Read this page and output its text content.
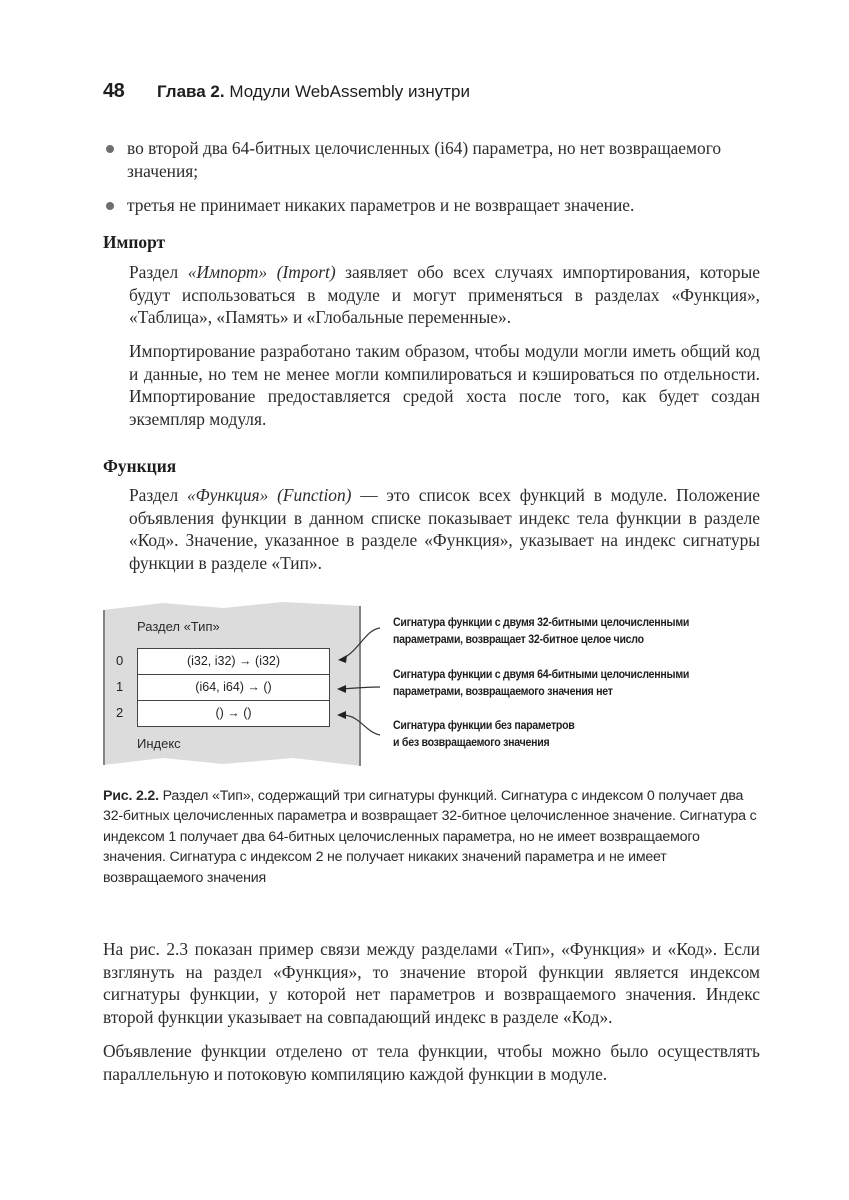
48 Глава 2. Модули WebAssembly изнутри
во второй два 64-битных целочисленных (i64) параметра, но нет возвращаемого значения;
третья не принимает никаких параметров и не возвращает значение.
Импорт

Раздел «Импорт» (Import) заявляет обо всех случаях импортирования, которые будут использоваться в модуле и могут применяться в разделах «Функция», «Таблица», «Память» и «Глобальные переменные».

Импортирование разработано таким образом, чтобы модули могли иметь общий код и данные, но тем не менее могли компилироваться и кэшироваться по отдельности. Импортирование предоставляется средой хоста после того, как будет создан экземпляр модуля.

Функция

Раздел «Функция» (Function) — это список всех функций в модуле. Положение объявления функции в данном списке показывает индекс тела функции в разделе «Код». Значение, указанное в разделе «Функция», указывает на индекс сигнатуры функции в разделе «Тип».

Раздел «Тип»
0
1
2
(i32, i32) → (i32)
(i64, i64) → ()
() → ()
Индекс
Сигнатура функции с двумя 32-битными целочисленными
параметрами, возвращает 32-битное целое число
Сигнатура функции с двумя 64-битными целочисленными
параметрами, возвращаемого значения нет
Сигнатура функции без параметров
и без возвращаемого значения

Рис. 2.2. Раздел «Тип», содержащий три сигнатуры функций. Сигнатура с индексом 0 получает два 32-битных целочисленных параметра и возвращает 32-битное целочисленное значение. Сигнатура с индексом 1 получает два 64-битных целочисленных параметра, но не имеет возвращаемого значения. Сигнатура с индексом 2 не получает никаких значений параметра и не имеет возвращаемого значения

На рис. 2.3 показан пример связи между разделами «Тип», «Функция» и «Код». Если взглянуть на раздел «Функция», то значение второй функции является индексом сигнатуры функции, у которой нет параметров и возвращаемого значения. Индекс второй функции указывает на совпадающий индекс в разделе «Код».

Объявление функции отделено от тела функции, чтобы можно было осуществлять параллельную и потоковую компиляцию каждой функции в модуле.
